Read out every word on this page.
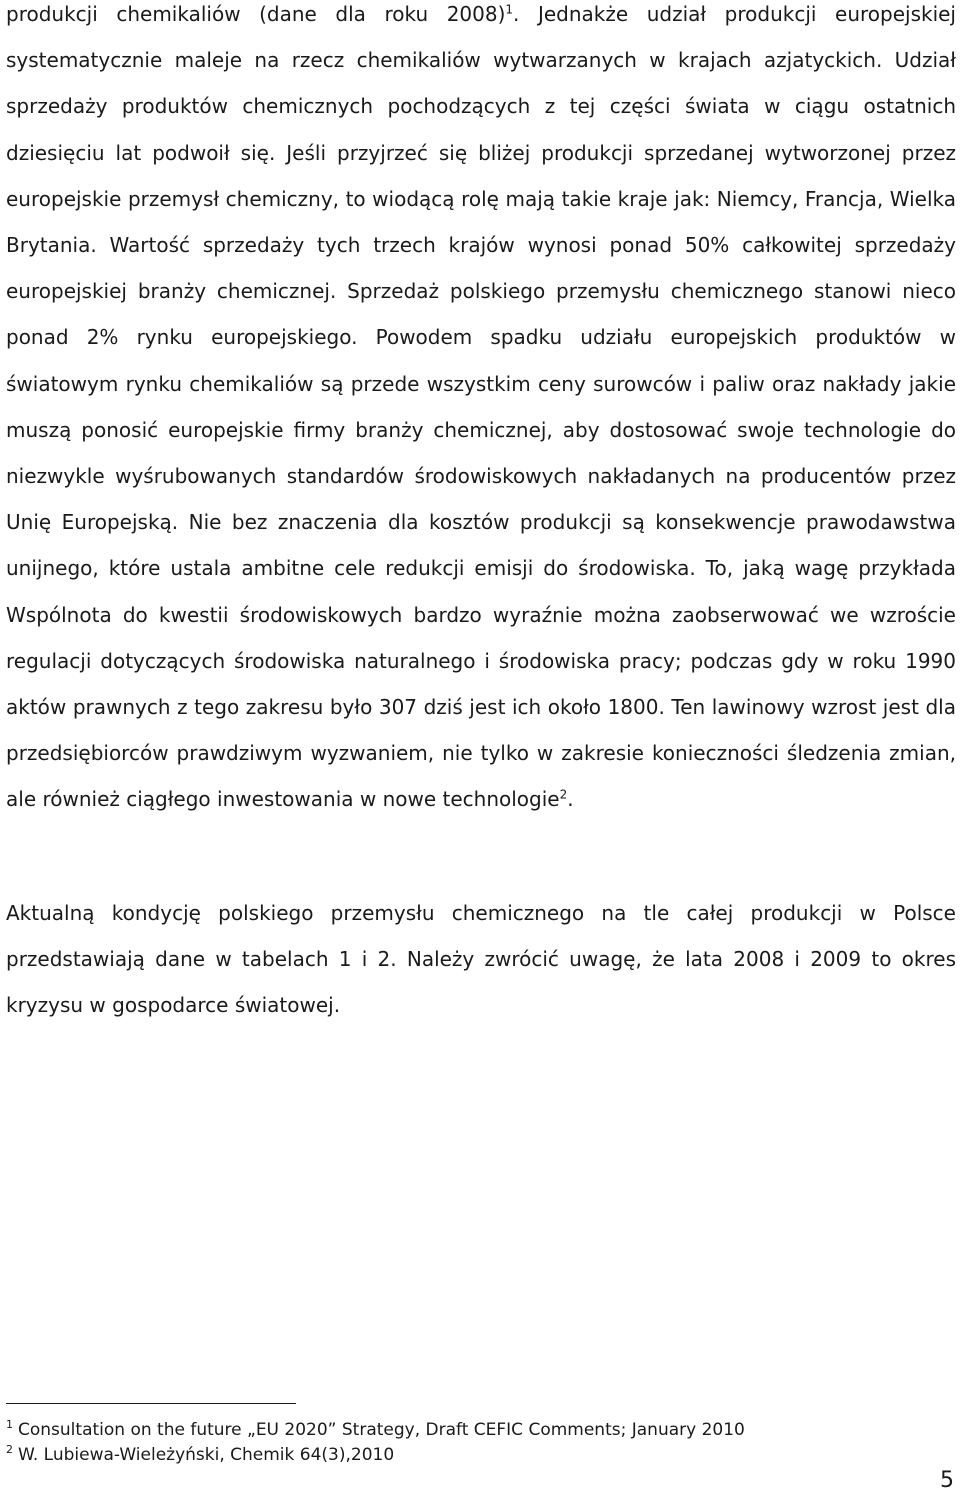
produkcji chemikaliów (dane dla roku 2008)$^1$. Jednakże udział produkcji europejskiej systematycznie maleje na rzecz chemikaliów wytwarzanych w krajach azjatyckich. Udział sprzedaży produktów chemicznych pochodzących z tej części świata w ciągu ostatnich dziesięciu lat podwoił się. Jeśli przyjrzeć się bliżej produkcji sprzedanej wytworzonej przez europejskie przemysł chemiczny, to wiodącą rolę mają takie kraje jak: Niemcy, Francja, Wielka Brytania. Wartość sprzedaży tych trzech krajów wynosi ponad 50% całkowitej sprzedaży europejskiej branży chemicznej. Sprzedaż polskiego przemysłu chemicznego stanowi nieco ponad 2% rynku europejskiego. Powodem spadku udziału europejskich produktów w światowym rynku chemikaliów są przede wszystkim ceny surowców i paliw oraz nakłady jakie muszą ponosić europejskie firmy branży chemicznej, aby dostosować swoje technologie do niezwykle wyśrubowanych standardów środowiskowych nakładanych na producentów przez Unię Europejską. Nie bez znaczenia dla kosztów produkcji są konsekwencje prawodawstwa unijnego, które ustala ambitne cele redukcji emisji do środowiska. To, jaką wagę przykłada Wspólnota do kwestii środowiskowych bardzo wyraźnie można zaobserwować we wzroście regulacji dotyczących środowiska naturalnego i środowiska pracy; podczas gdy w roku 1990 aktów prawnych z tego zakresu było 307 dziś jest ich około 1800. Ten lawinowy wzrost jest dla przedsiębiorców prawdziwym wyzwaniem, nie tylko w zakresie konieczności śledzenia zmian, ale również ciągłego inwestowania w nowe technologie$^2$.

Aktualną kondycję polskiego przemysłu chemicznego na tle całej produkcji w Polsce przedstawiają dane w tabelach 1 i 2. Należy zwrócić uwagę, że lata 2008 i 2009 to okres kryzysu w gospodarce światowej.

$^1$ Consultation on the future „EU 2020” Strategy, Draft CEFIC Comments; January 2010

$^2$ W. Lubiewa-Wieleżyński, Chemik 64(3),2010

5
